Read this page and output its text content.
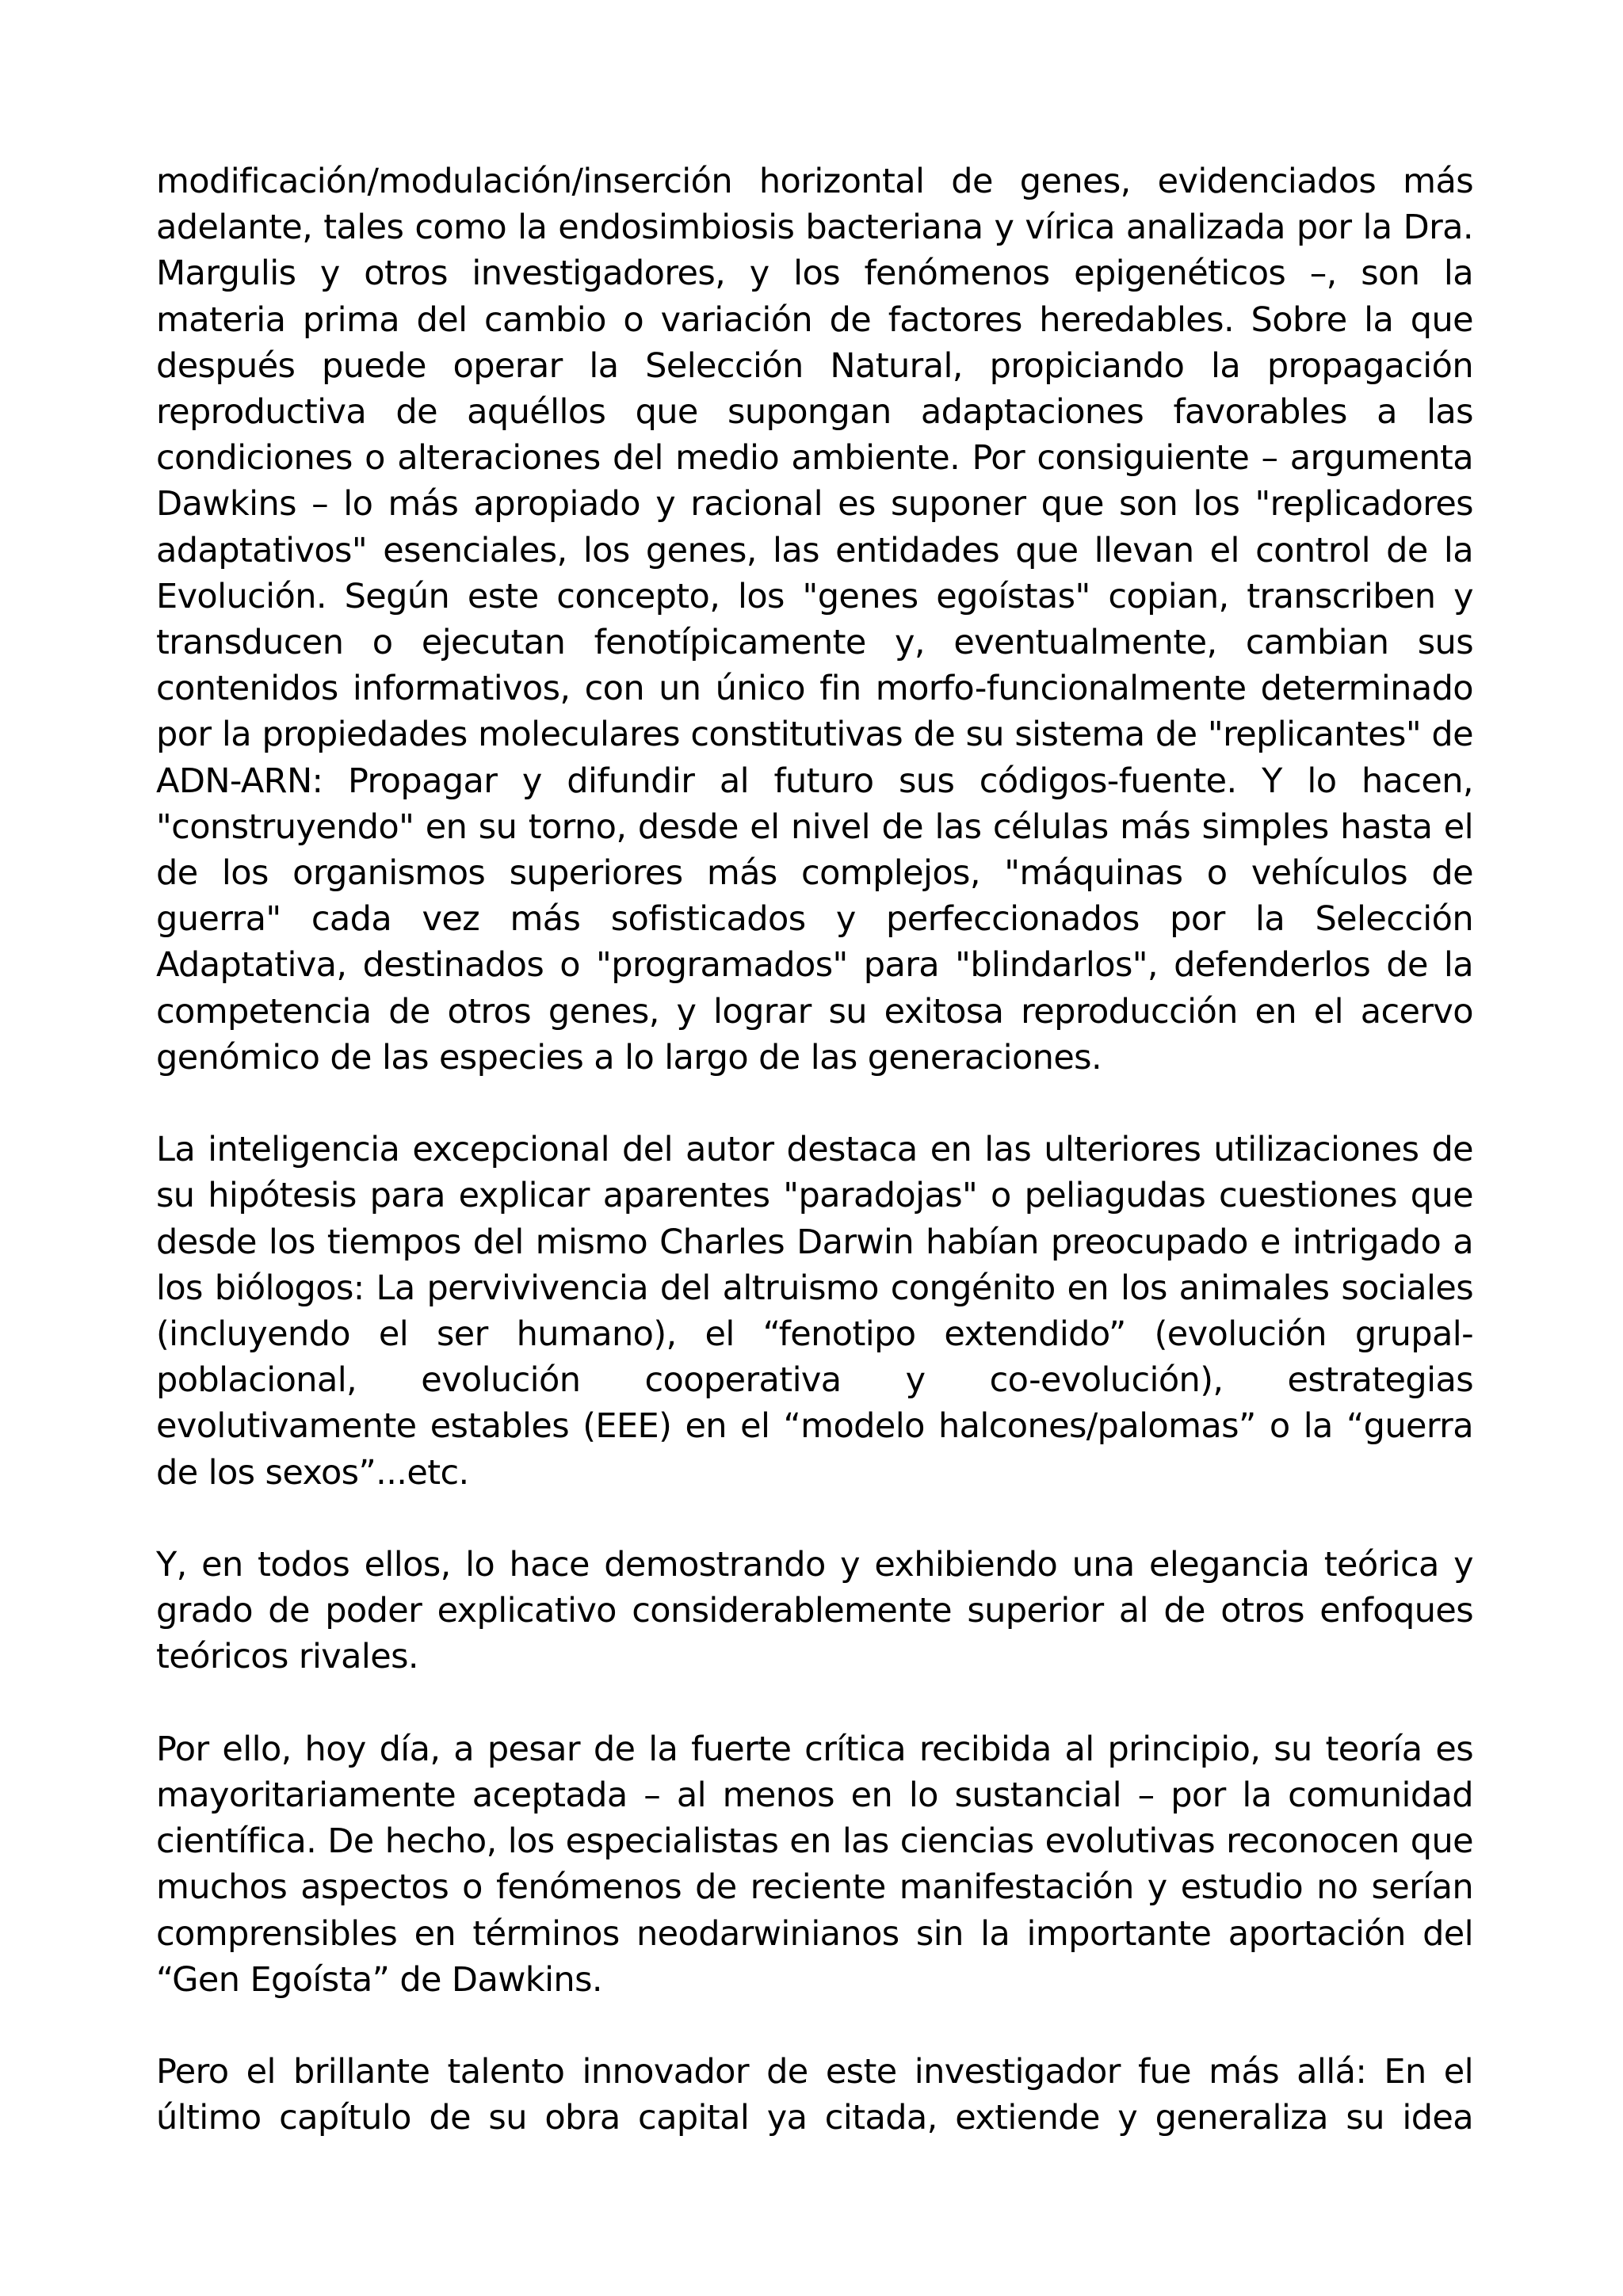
modificación/modulación/inserción horizontal de genes, evidenciados más adelante, tales como la endosimbiosis bacteriana y vírica analizada por la Dra. Margulis y otros investigadores, y los fenómenos epigenéticos –, son la materia prima del cambio o variación de factores heredables. Sobre la que después puede operar la Selección Natural, propiciando la propagación reproductiva de aquéllos que supongan adaptaciones favorables a las condiciones o alteraciones del medio ambiente. Por consiguiente – argumenta Dawkins – lo más apropiado y racional es suponer que son los "replicadores adaptativos" esenciales, los genes, las entidades que llevan el control de la Evolución. Según este concepto, los "genes egoístas" copian, transcriben y transducen o ejecutan fenotípicamente y, eventualmente, cambian sus contenidos informativos, con un único fin morfo-funcionalmente determinado por la propiedades moleculares constitutivas de su sistema de "replicantes" de ADN-ARN: Propagar y difundir al futuro sus códigos-fuente. Y lo hacen, "construyendo" en su torno, desde el nivel de las células más simples hasta el de los organismos superiores más complejos, "máquinas o vehículos de guerra" cada vez más sofisticados y perfeccionados por la Selección Adaptativa, destinados o "programados" para "blindarlos", defenderlos de la competencia de otros genes, y lograr su exitosa reproducción en el acervo genómico de las especies a lo largo de las generaciones.

La inteligencia excepcional del autor destaca en las ulteriores utilizaciones de su hipótesis para explicar aparentes "paradojas" o peliagudas cuestiones que desde los tiempos del mismo Charles Darwin habían preocupado e intrigado a los biólogos: La pervivivencia del altruismo congénito en los animales sociales (incluyendo el ser humano), el “fenotipo extendido” (evolución grupal-poblacional, evolución cooperativa y co-evolución), estrategias evolutivamente estables (EEE) en el “modelo halcones/palomas” o la “guerra de los sexos”...etc.

Y, en todos ellos, lo hace demostrando y exhibiendo una elegancia teórica y grado de poder explicativo considerablemente superior al de otros enfoques teóricos rivales.

Por ello, hoy día, a pesar de la fuerte crítica recibida al principio, su teoría es mayoritariamente aceptada – al menos en lo sustancial – por la comunidad científica. De hecho, los especialistas en las ciencias evolutivas reconocen que muchos aspectos o fenómenos de reciente manifestación y estudio no serían comprensibles en términos neodarwinianos sin la importante aportación del “Gen Egoísta” de Dawkins.

Pero el brillante talento innovador de este investigador fue más allá: En el último capítulo de su obra capital ya citada, extiende y generaliza su idea
